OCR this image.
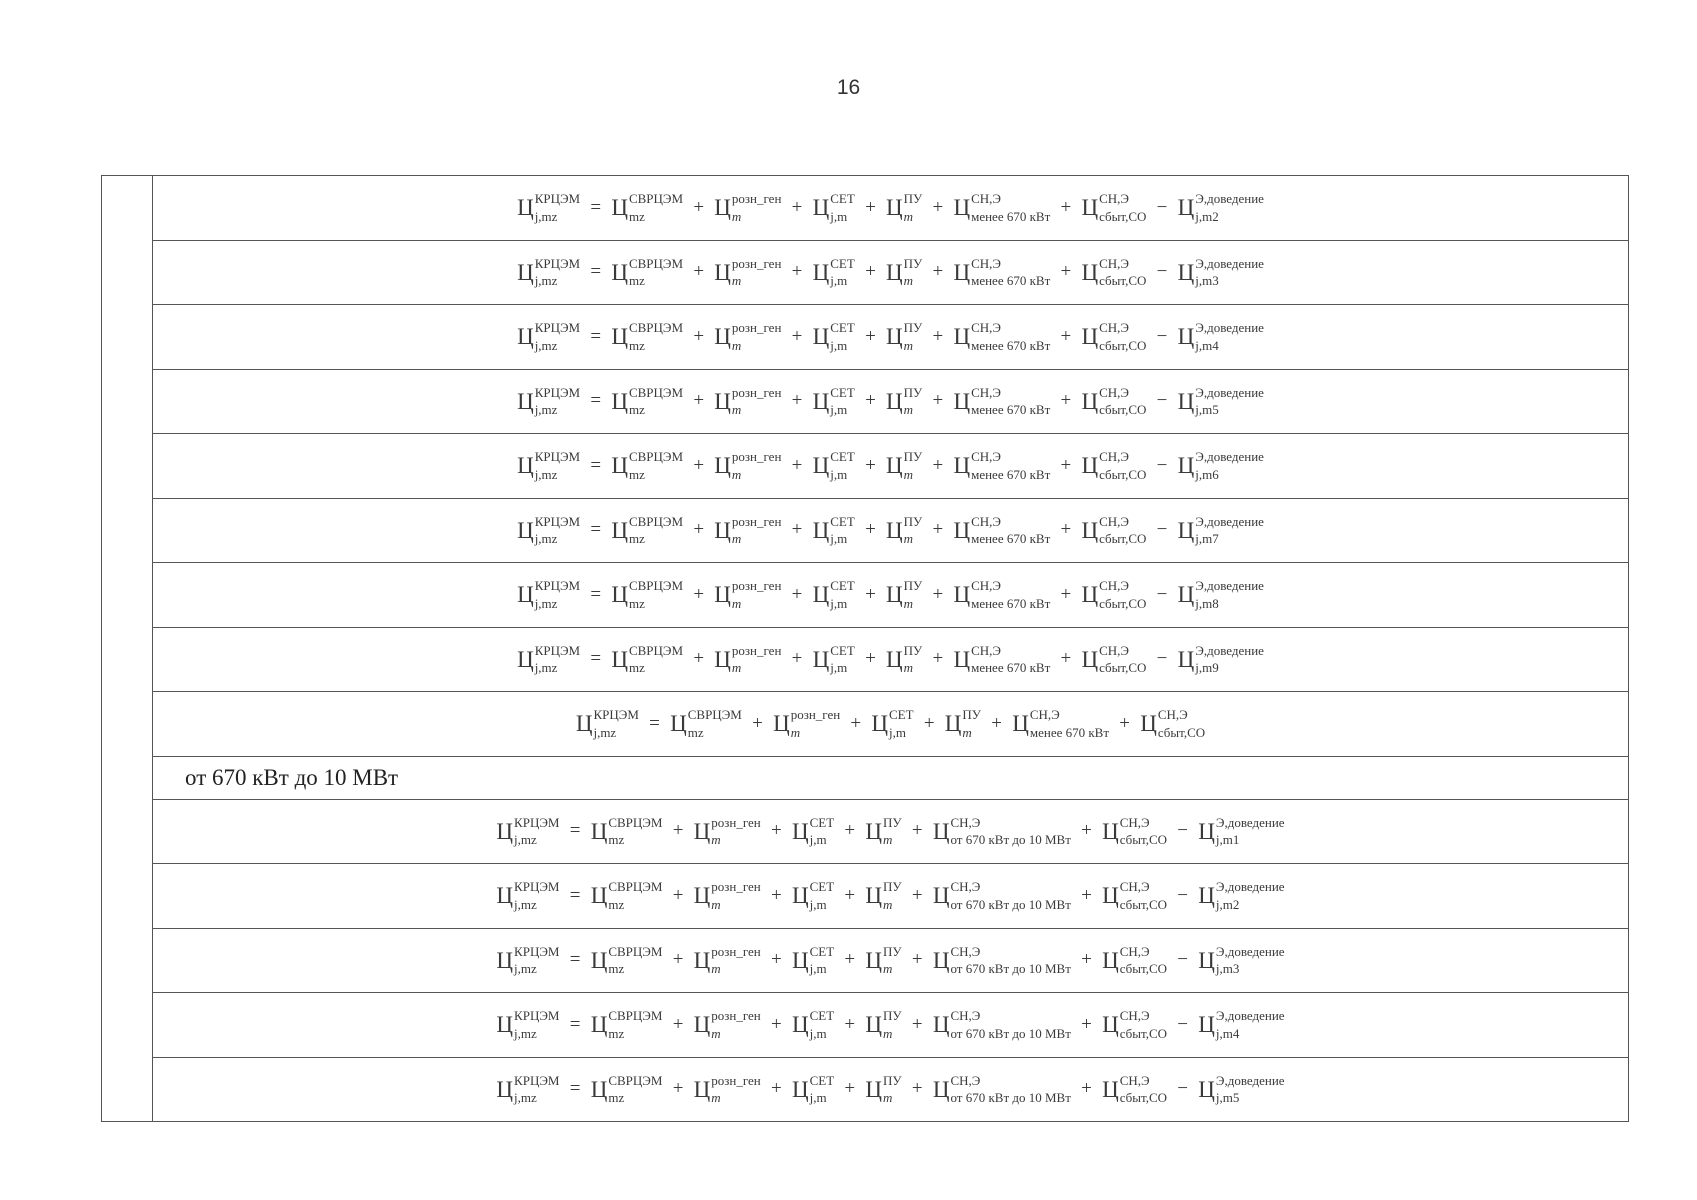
16

Ц КРЦЭМ
j,mz	= Ц СВРЦЭМ
mz	+ Ц розн_ген
m	+ Ц СЕТ
j,m + Ц ПУ
m	+ Ц СН,Э
менее 670 кВт + Ц СН,Э
сбыт,СО − Ц Э,доведение
j,m2

Ц КРЦЭМ
j,mz	= Ц СВРЦЭМ
mz	+ Ц розн_ген
m	+ Ц СЕТ
j,m + Ц ПУ
m	+ Ц СН,Э
менее 670 кВт + Ц СН,Э
сбыт,СО − Ц Э,доведение
j,m3

Ц КРЦЭМ
j,mz	= Ц СВРЦЭМ
mz	+ Ц розн_ген
m	+ Ц СЕТ
j,m + Ц ПУ
m	+ Ц СН,Э
менее 670 кВт + Ц СН,Э
сбыт,СО − Ц Э,доведение
j,m4

Ц КРЦЭМ
j,mz	= Ц СВРЦЭМ
mz	+ Ц розн_ген
m	+ Ц СЕТ
j,m + Ц ПУ
m	+ Ц СН,Э
менее 670 кВт + Ц СН,Э
сбыт,СО − Ц Э,доведение
j,m5

Ц КРЦЭМ
j,mz	= Ц СВРЦЭМ
mz	+ Ц розн_ген
m	+ Ц СЕТ
j,m + Ц ПУ
m	+ Ц СН,Э
менее 670 кВт + Ц СН,Э
сбыт,СО − Ц Э,доведение
j,m6

Ц КРЦЭМ
j,mz	= Ц СВРЦЭМ
mz	+ Ц розн_ген
m	+ Ц СЕТ
j,m + Ц ПУ
m	+ Ц СН,Э
менее 670 кВт + Ц СН,Э
сбыт,СО − Ц Э,доведение
j,m7

Ц КРЦЭМ
j,mz	= Ц СВРЦЭМ
mz	+ Ц розн_ген
m	+ Ц СЕТ
j,m + Ц ПУ
m	+ Ц СН,Э
менее 670 кВт + Ц СН,Э
сбыт,СО − Ц Э,доведение
j,m8

Ц КРЦЭМ
j,mz	= Ц СВРЦЭМ
mz	+ Ц розн_ген
m	+ Ц СЕТ
j,m + Ц ПУ
m	+ Ц СН,Э
менее 670 кВт + Ц СН,Э
сбыт,СО − Ц Э,доведение
j,m9

Ц КРЦЭМ
j,mz	= Ц СВРЦЭМ
mz	+ Ц розн_ген
m	+ Ц СЕТ
j,m + Ц ПУ
m	+ Ц СН,Э
менее 670 кВт + Ц СН,Э
сбыт,СО

от 670 кВт до 10 МВт

Ц КРЦЭМ
j,mz	= Ц СВРЦЭМ
mz	+ Ц розн_ген
m	+ Ц СЕТ
j,m + Ц ПУ
m	+ Ц СН,Э
от 670 кВт до 10 МВт + Ц СН,Э
сбыт,СО − Ц Э,доведение
j,m1

Ц КРЦЭМ
j,mz	= Ц СВРЦЭМ
mz	+ Ц розн_ген
m	+ Ц СЕТ
j,m + Ц ПУ
m	+ Ц СН,Э
от 670 кВт до 10 МВт + Ц СН,Э
сбыт,СО − Ц Э,доведение
j,m2

Ц КРЦЭМ
j,mz	= Ц СВРЦЭМ
mz	+ Ц розн_ген
m	+ Ц СЕТ
j,m + Ц ПУ
m	+ Ц СН,Э
от 670 кВт до 10 МВт + Ц СН,Э
сбыт,СО − Ц Э,доведение
j,m3

Ц КРЦЭМ
j,mz	= Ц СВРЦЭМ
mz	+ Ц розн_ген
m	+ Ц СЕТ
j,m + Ц ПУ
m	+ Ц СН,Э
от 670 кВт до 10 МВт + Ц СН,Э
сбыт,СО − Ц Э,доведение
j,m4

Ц КРЦЭМ
j,mz	= Ц СВРЦЭМ
mz	+ Ц розн_ген
m	+ Ц СЕТ
j,m + Ц ПУ
m	+ Ц СН,Э
от 670 кВт до 10 МВт + Ц СН,Э
сбыт,СО − Ц Э,доведение
j,m5
